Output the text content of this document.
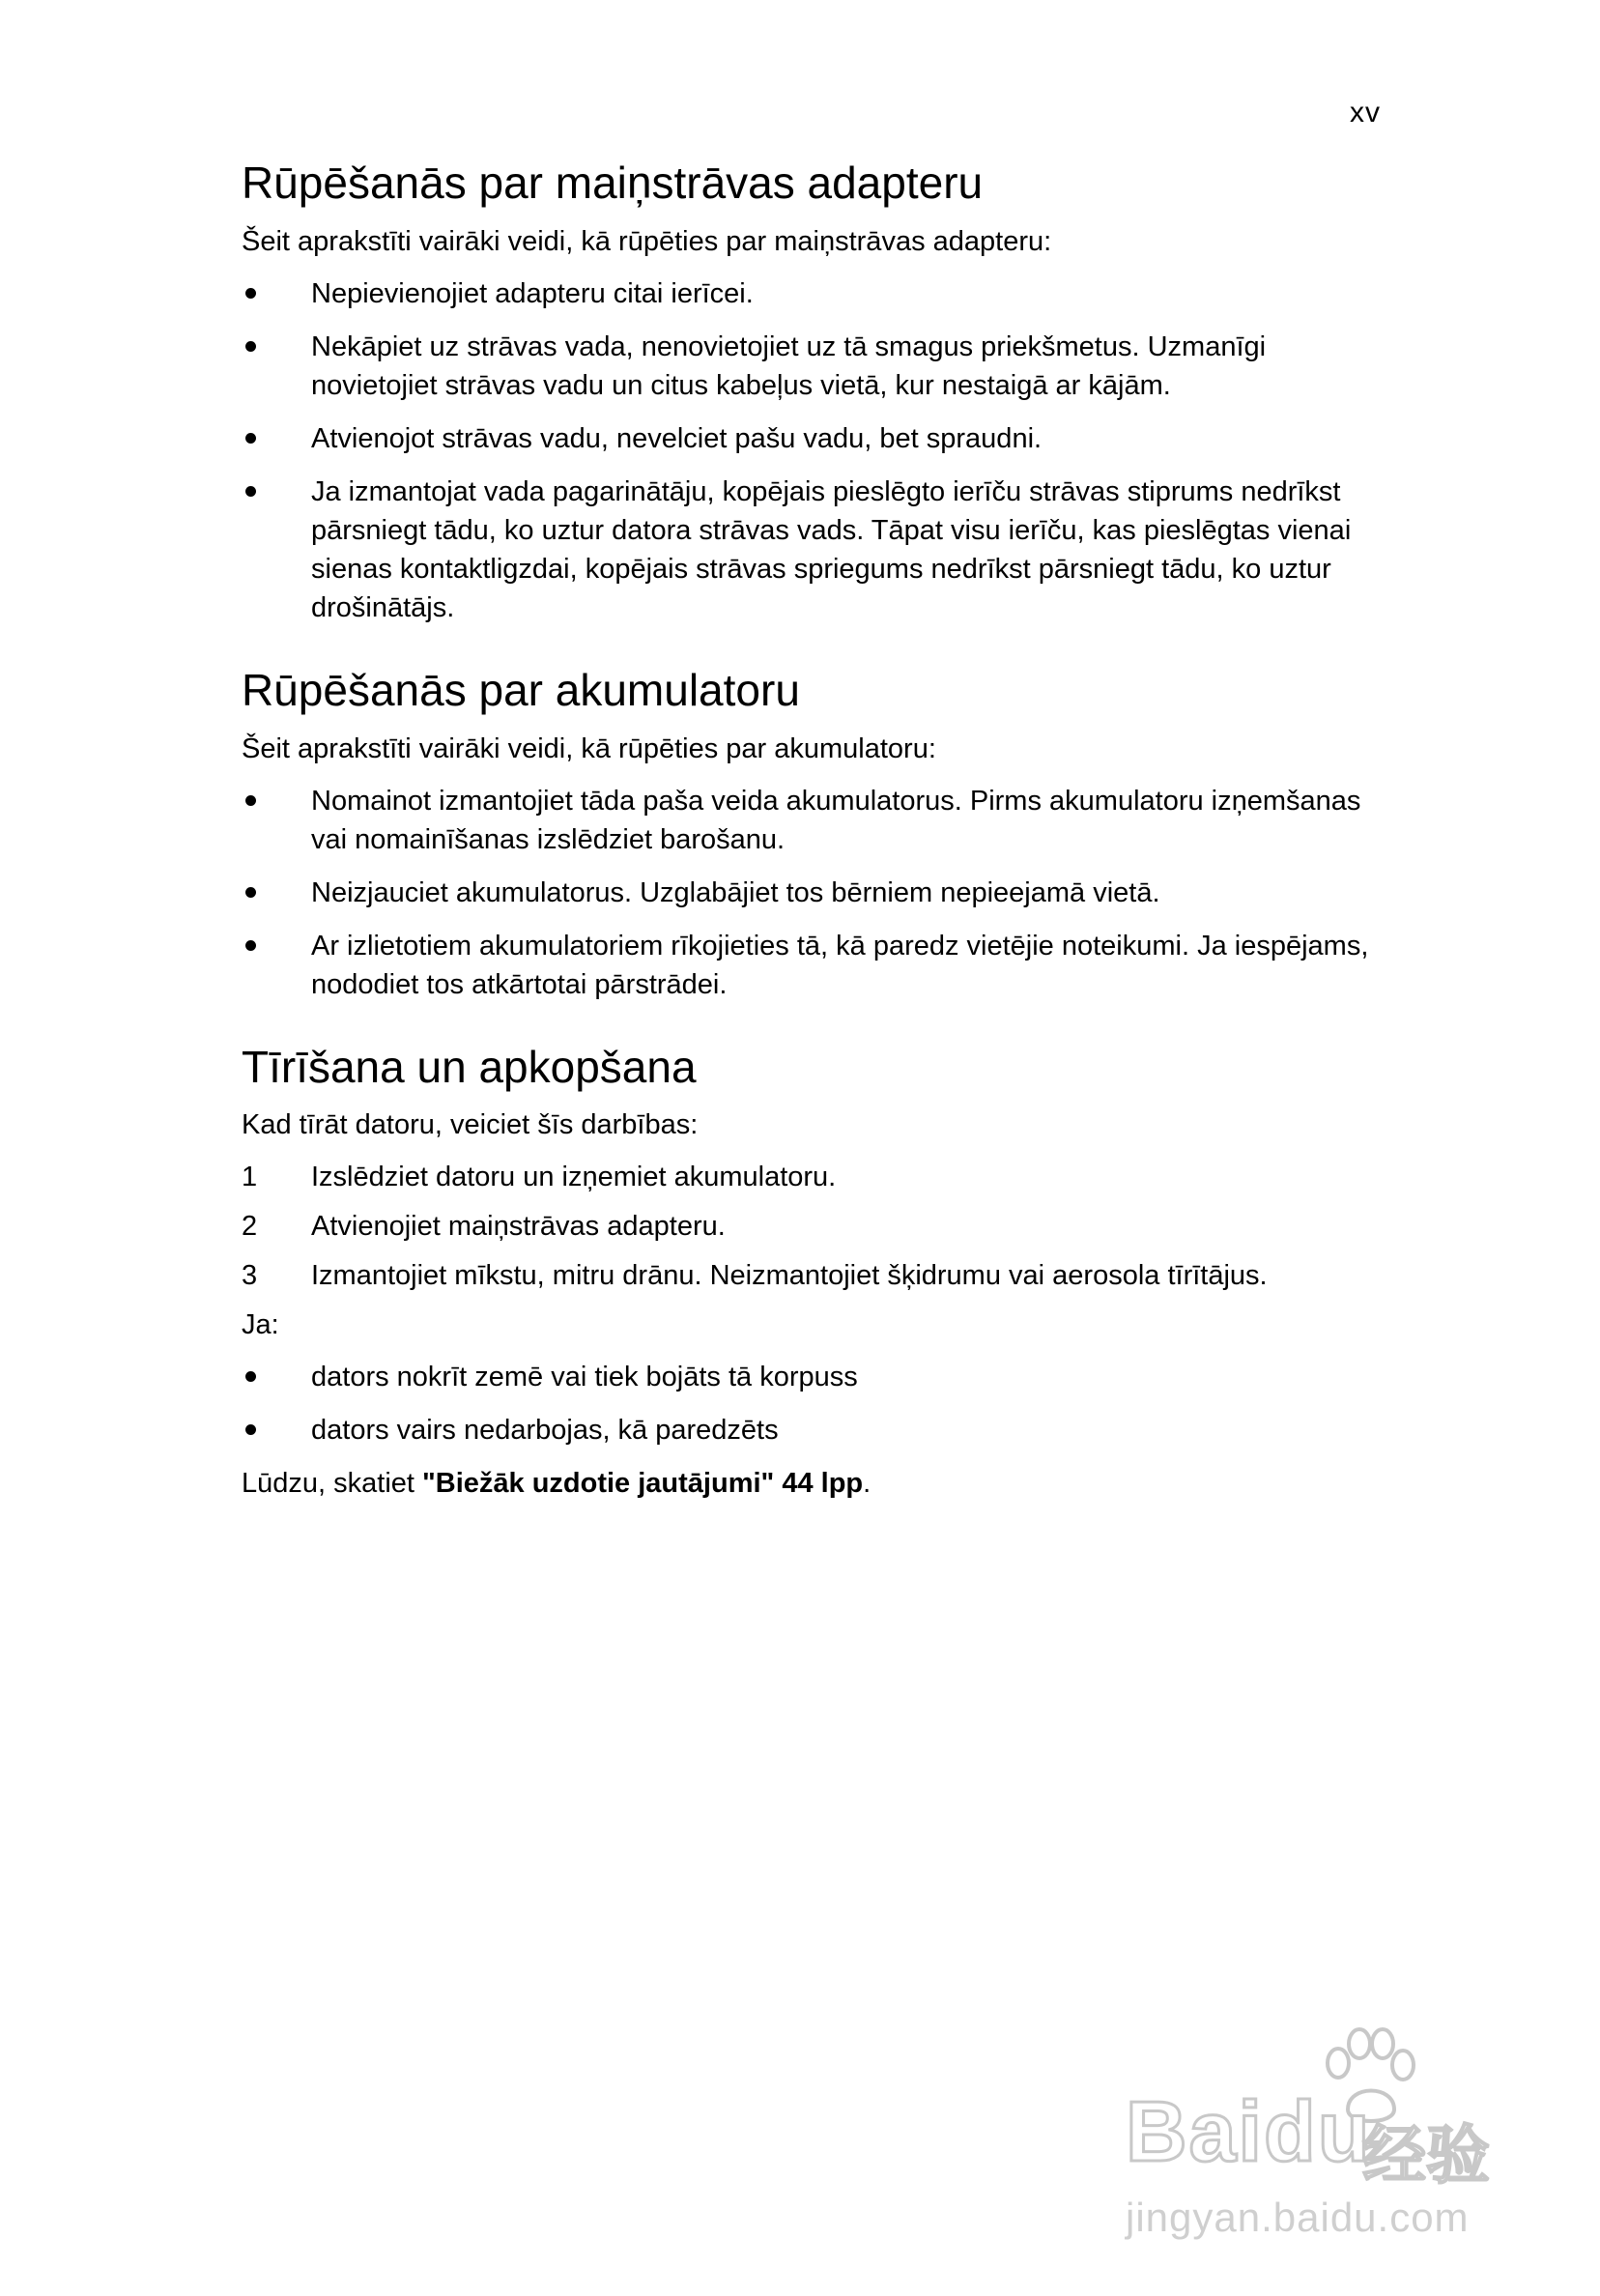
xv
Rūpēšanās par maiņstrāvas adapteru

Šeit aprakstīti vairāki veidi, kā rūpēties par maiņstrāvas adapteru:

Nepievienojiet adapteru citai ierīcei.
Nekāpiet uz strāvas vada, nenovietojiet uz tā smagus priekšmetus. Uzmanīgi novietojiet strāvas vadu un citus kabeļus vietā, kur nestaigā ar kājām.
Atvienojot strāvas vadu, nevelciet pašu vadu, bet spraudni.
Ja izmantojat vada pagarinātāju, kopējais pieslēgto ierīču strāvas stiprums nedrīkst pārsniegt tādu, ko uztur datora strāvas vads. Tāpat visu ierīču, kas pieslēgtas vienai sienas kontaktligzdai, kopējais strāvas spriegums nedrīkst pārsniegt tādu, ko uztur drošinātājs.
Rūpēšanās par akumulatoru

Šeit aprakstīti vairāki veidi, kā rūpēties par akumulatoru:

Nomainot izmantojiet tāda paša veida akumulatorus. Pirms akumulatoru izņemšanas vai nomainīšanas izslēdziet barošanu.
Neizjauciet akumulatorus. Uzglabājiet tos bērniem nepieejamā vietā.
Ar izlietotiem akumulatoriem rīkojieties tā, kā paredz vietējie noteikumi. Ja iespējams, nododiet tos atkārtotai pārstrādei.
Tīrīšana un apkopšana

Kad tīrāt datoru, veiciet šīs darbības:

1 Izslēdziet datoru un izņemiet akumulatoru.
2 Atvienojiet maiņstrāvas adapteru.
3 Izmantojiet mīkstu, mitru drānu. Neizmantojiet šķidrumu vai aerosola tīrītājus.

Ja:

dators nokrīt zemē vai tiek bojāts tā korpuss
dators vairs nedarbojas, kā paredzēts

Lūdzu, skatiet "Biežāk uzdotie jautājumi" 44 lpp.

Baidu
经验
jingyan.baidu.com
